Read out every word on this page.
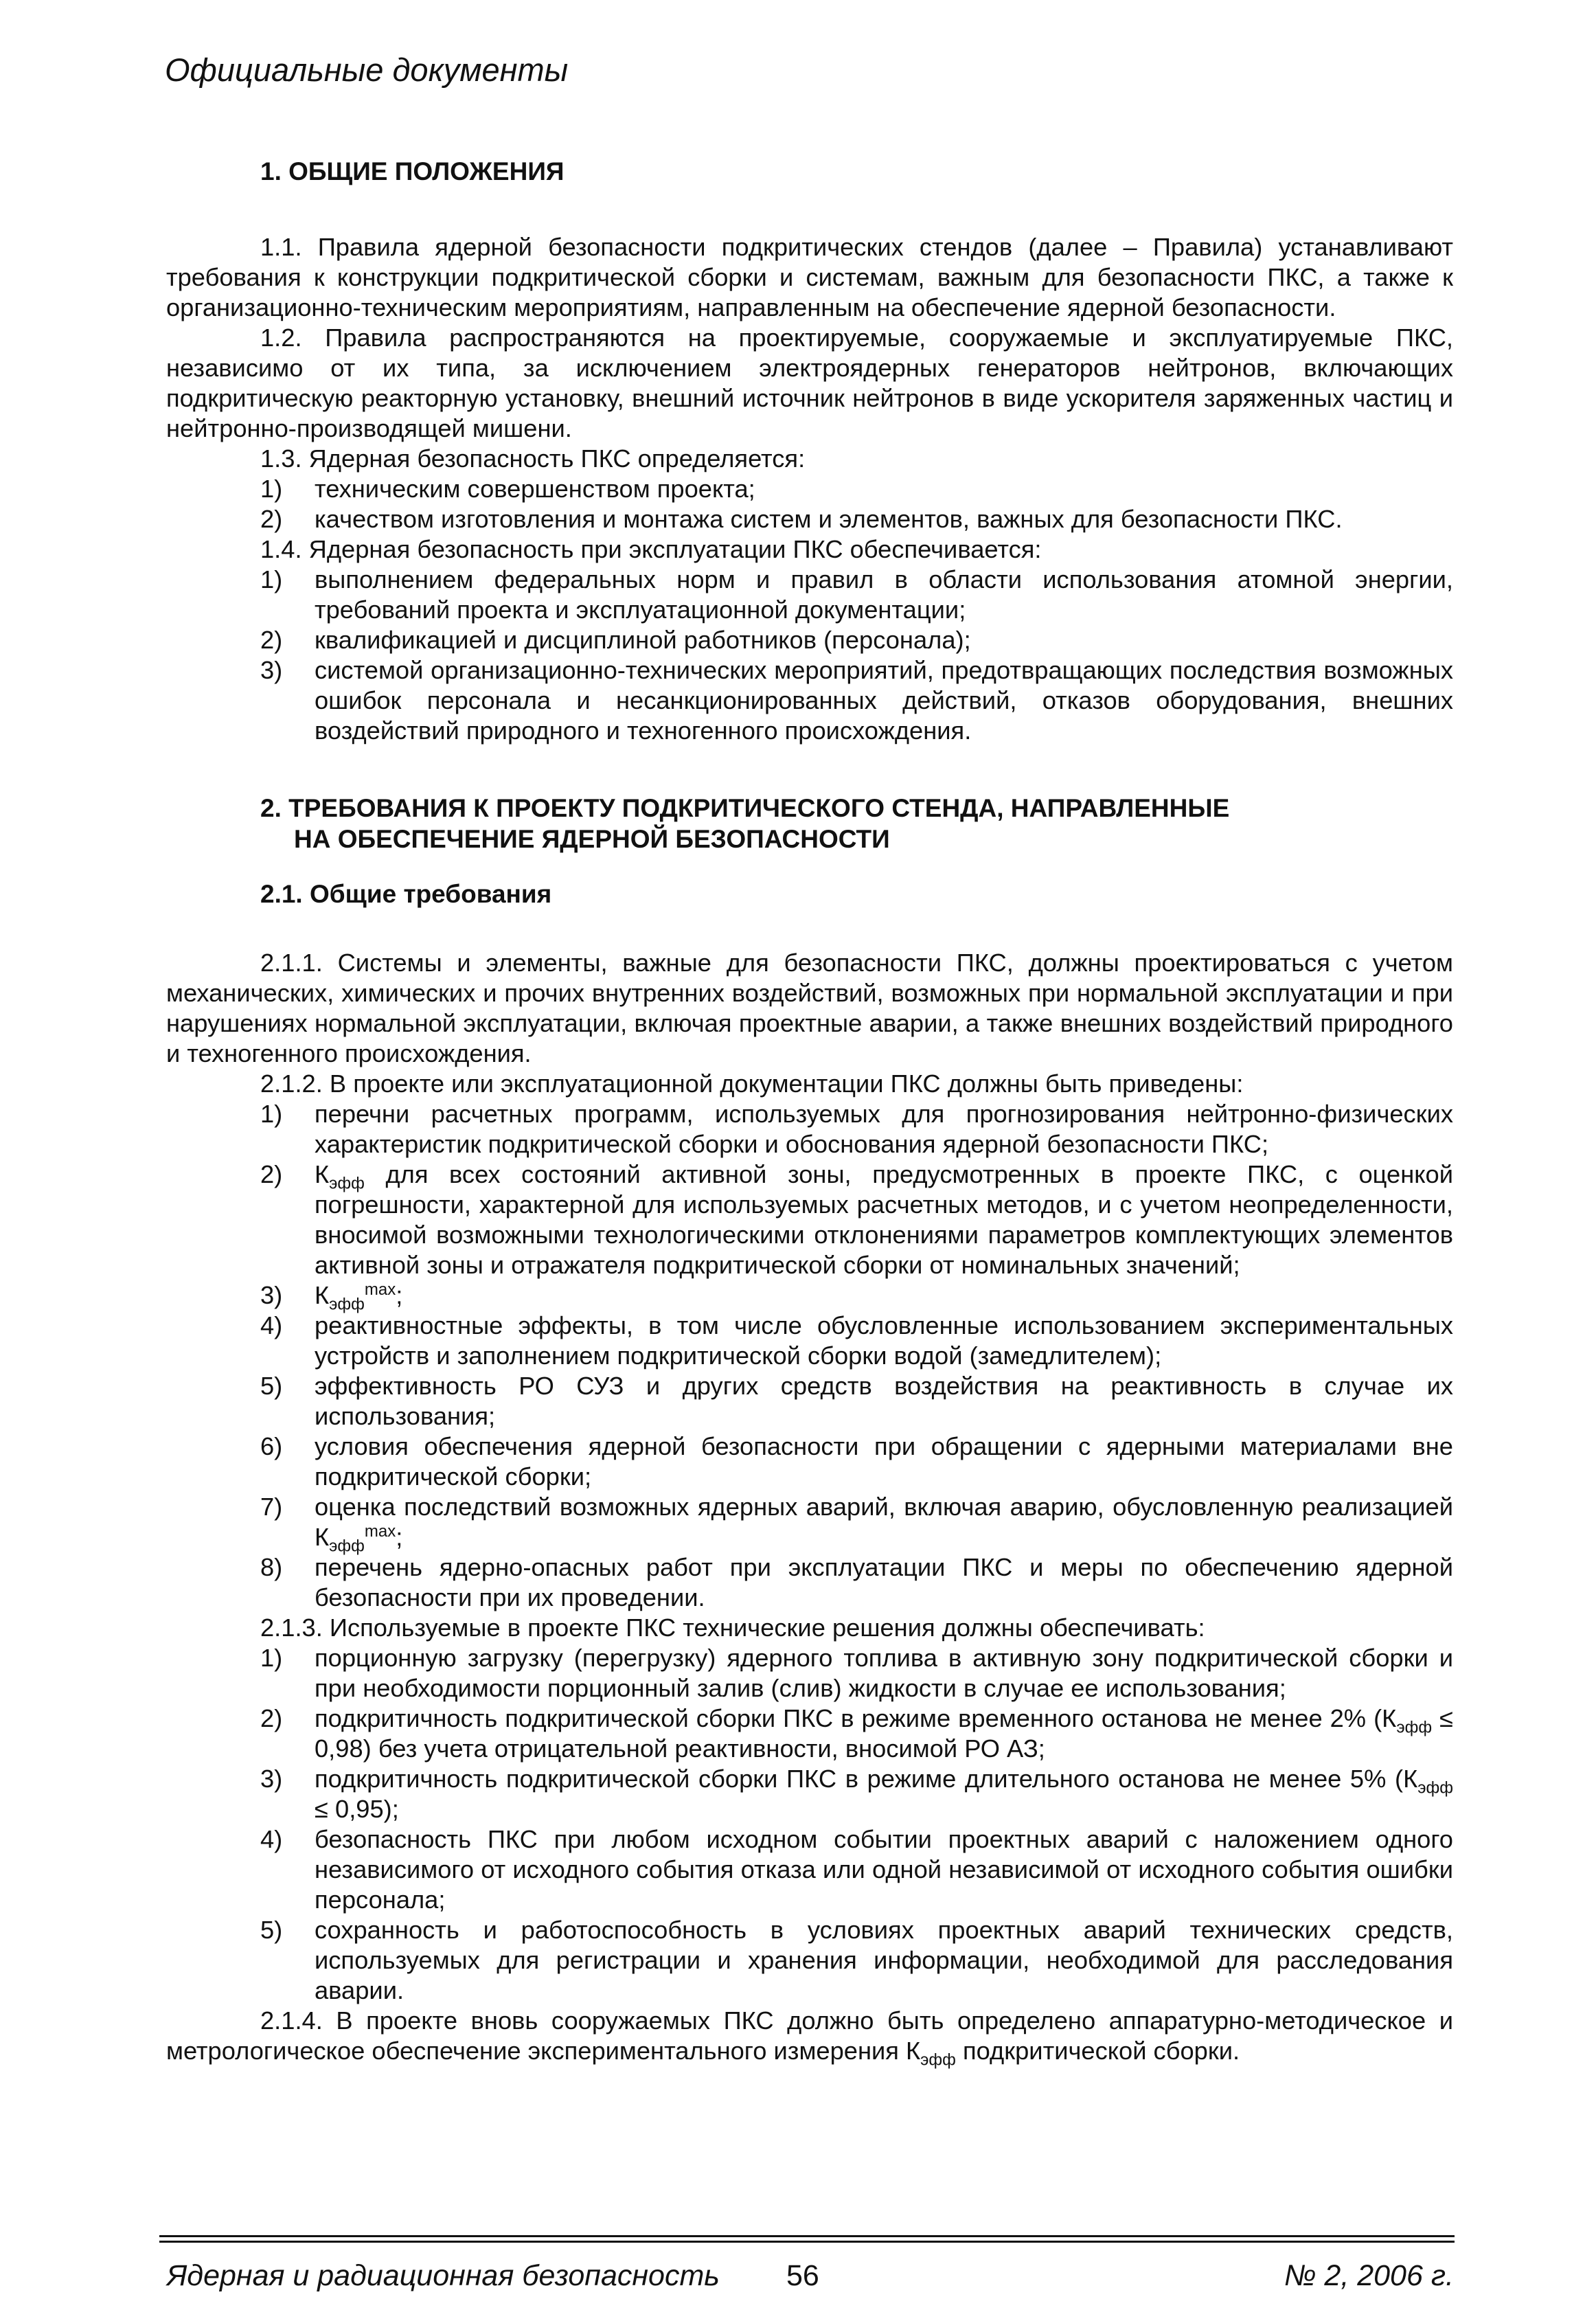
Официальные документы
1. ОБЩИЕ ПОЛОЖЕНИЯ

1.1. Правила ядерной безопасности подкритических стендов (далее – Правила) устанавливают требования к конструкции подкритической сборки и системам, важным для безопасности ПКС, а также к организационно-техническим мероприятиям, направленным на обеспечение ядерной безопасности.

1.2. Правила распространяются на проектируемые, сооружаемые и эксплуатируемые ПКС, независимо от их типа, за исключением электроядерных генераторов нейтронов, включающих подкритическую реакторную установку, внешний источник нейтронов в виде ускорителя заряженных частиц и нейтронно-производящей мишени.

1.3. Ядерная безопасность ПКС определяется:

1) техническим совершенством проекта;
2) качеством изготовления и монтажа систем и элементов, важных для безопасности ПКС.

1.4. Ядерная безопасность при эксплуатации ПКС обеспечивается:

1) выполнением федеральных норм и правил в области использования атомной энергии, требований проекта и эксплуатационной документации;
2) квалификацией и дисциплиной работников (персонала);
3) системой организационно-технических мероприятий, предотвращающих последствия возможных ошибок персонала и несанкционированных действий, отказов оборудования, внешних воздействий природного и техногенного происхождения.
2. ТРЕБОВАНИЯ К ПРОЕКТУ ПОДКРИТИЧЕСКОГО СТЕНДА, НАПРАВЛЕННЫЕ
НА ОБЕСПЕЧЕНИЕ ЯДЕРНОЙ БЕЗОПАСНОСТИ
2.1. Общие требования

2.1.1. Системы и элементы, важные для безопасности ПКС, должны проектироваться с учетом механических, химических и прочих внутренних воздействий, возможных при нормальной эксплуатации и при нарушениях нормальной эксплуатации, включая проектные аварии, а также внешних воздействий природного и техногенного происхождения.

2.1.2. В проекте или эксплуатационной документации ПКС должны быть приведены:

1) перечни расчетных программ, используемых для прогнозирования нейтронно-физических характеристик подкритической сборки и обоснования ядерной безопасности ПКС;
2) $К_{эфф}$ для всех состояний активной зоны, предусмотренных в проекте ПКС, с оценкой погрешности, характерной для используемых расчетных методов, и с учетом неопределенности, вносимой возможными технологическими отклонениями параметров комплектующих элементов активной зоны и отражателя подкритической сборки от номинальных значений;
3) $К_{эфф}^{max}$;
4) реактивностные эффекты, в том числе обусловленные использованием экспериментальных устройств и заполнением подкритической сборки водой (замедлителем);
5) эффективность РО СУЗ и других средств воздействия на реактивность в случае их использования;
6) условия обеспечения ядерной безопасности при обращении с ядерными материалами вне подкритической сборки;
7) оценка последствий возможных ядерных аварий, включая аварию, обусловленную реализацией $К_{эфф}^{max}$;
8) перечень ядерно-опасных работ при эксплуатации ПКС и меры по обеспечению ядерной безопасности при их проведении.

2.1.3. Используемые в проекте ПКС технические решения должны обеспечивать:

1) порционную загрузку (перегрузку) ядерного топлива в активную зону подкритической сборки и при необходимости порционный залив (слив) жидкости в случае ее использования;
2) подкритичность подкритической сборки ПКС в режиме временного останова не менее 2% $(К_{эфф} \le 0,98)$ без учета отрицательной реактивности, вносимой РО АЗ;
3) подкритичность подкритической сборки ПКС в режиме длительного останова не менее 5% $(К_{эфф} \le 0,95)$;
4) безопасность ПКС при любом исходном событии проектных аварий с наложением одного независимого от исходного события отказа или одной независимой от исходного события ошибки персонала;
5) сохранность и работоспособность в условиях проектных аварий технических средств, используемых для регистрации и хранения информации, необходимой для расследования аварии.

2.1.4. В проекте вновь сооружаемых ПКС должно быть определено аппаратурно-методическое и метрологическое обеспечение экспериментального измерения $К_{эфф}$ подкритической сборки.

Ядерная и радиационная безопасность 56	№ 2, 2006 г.
